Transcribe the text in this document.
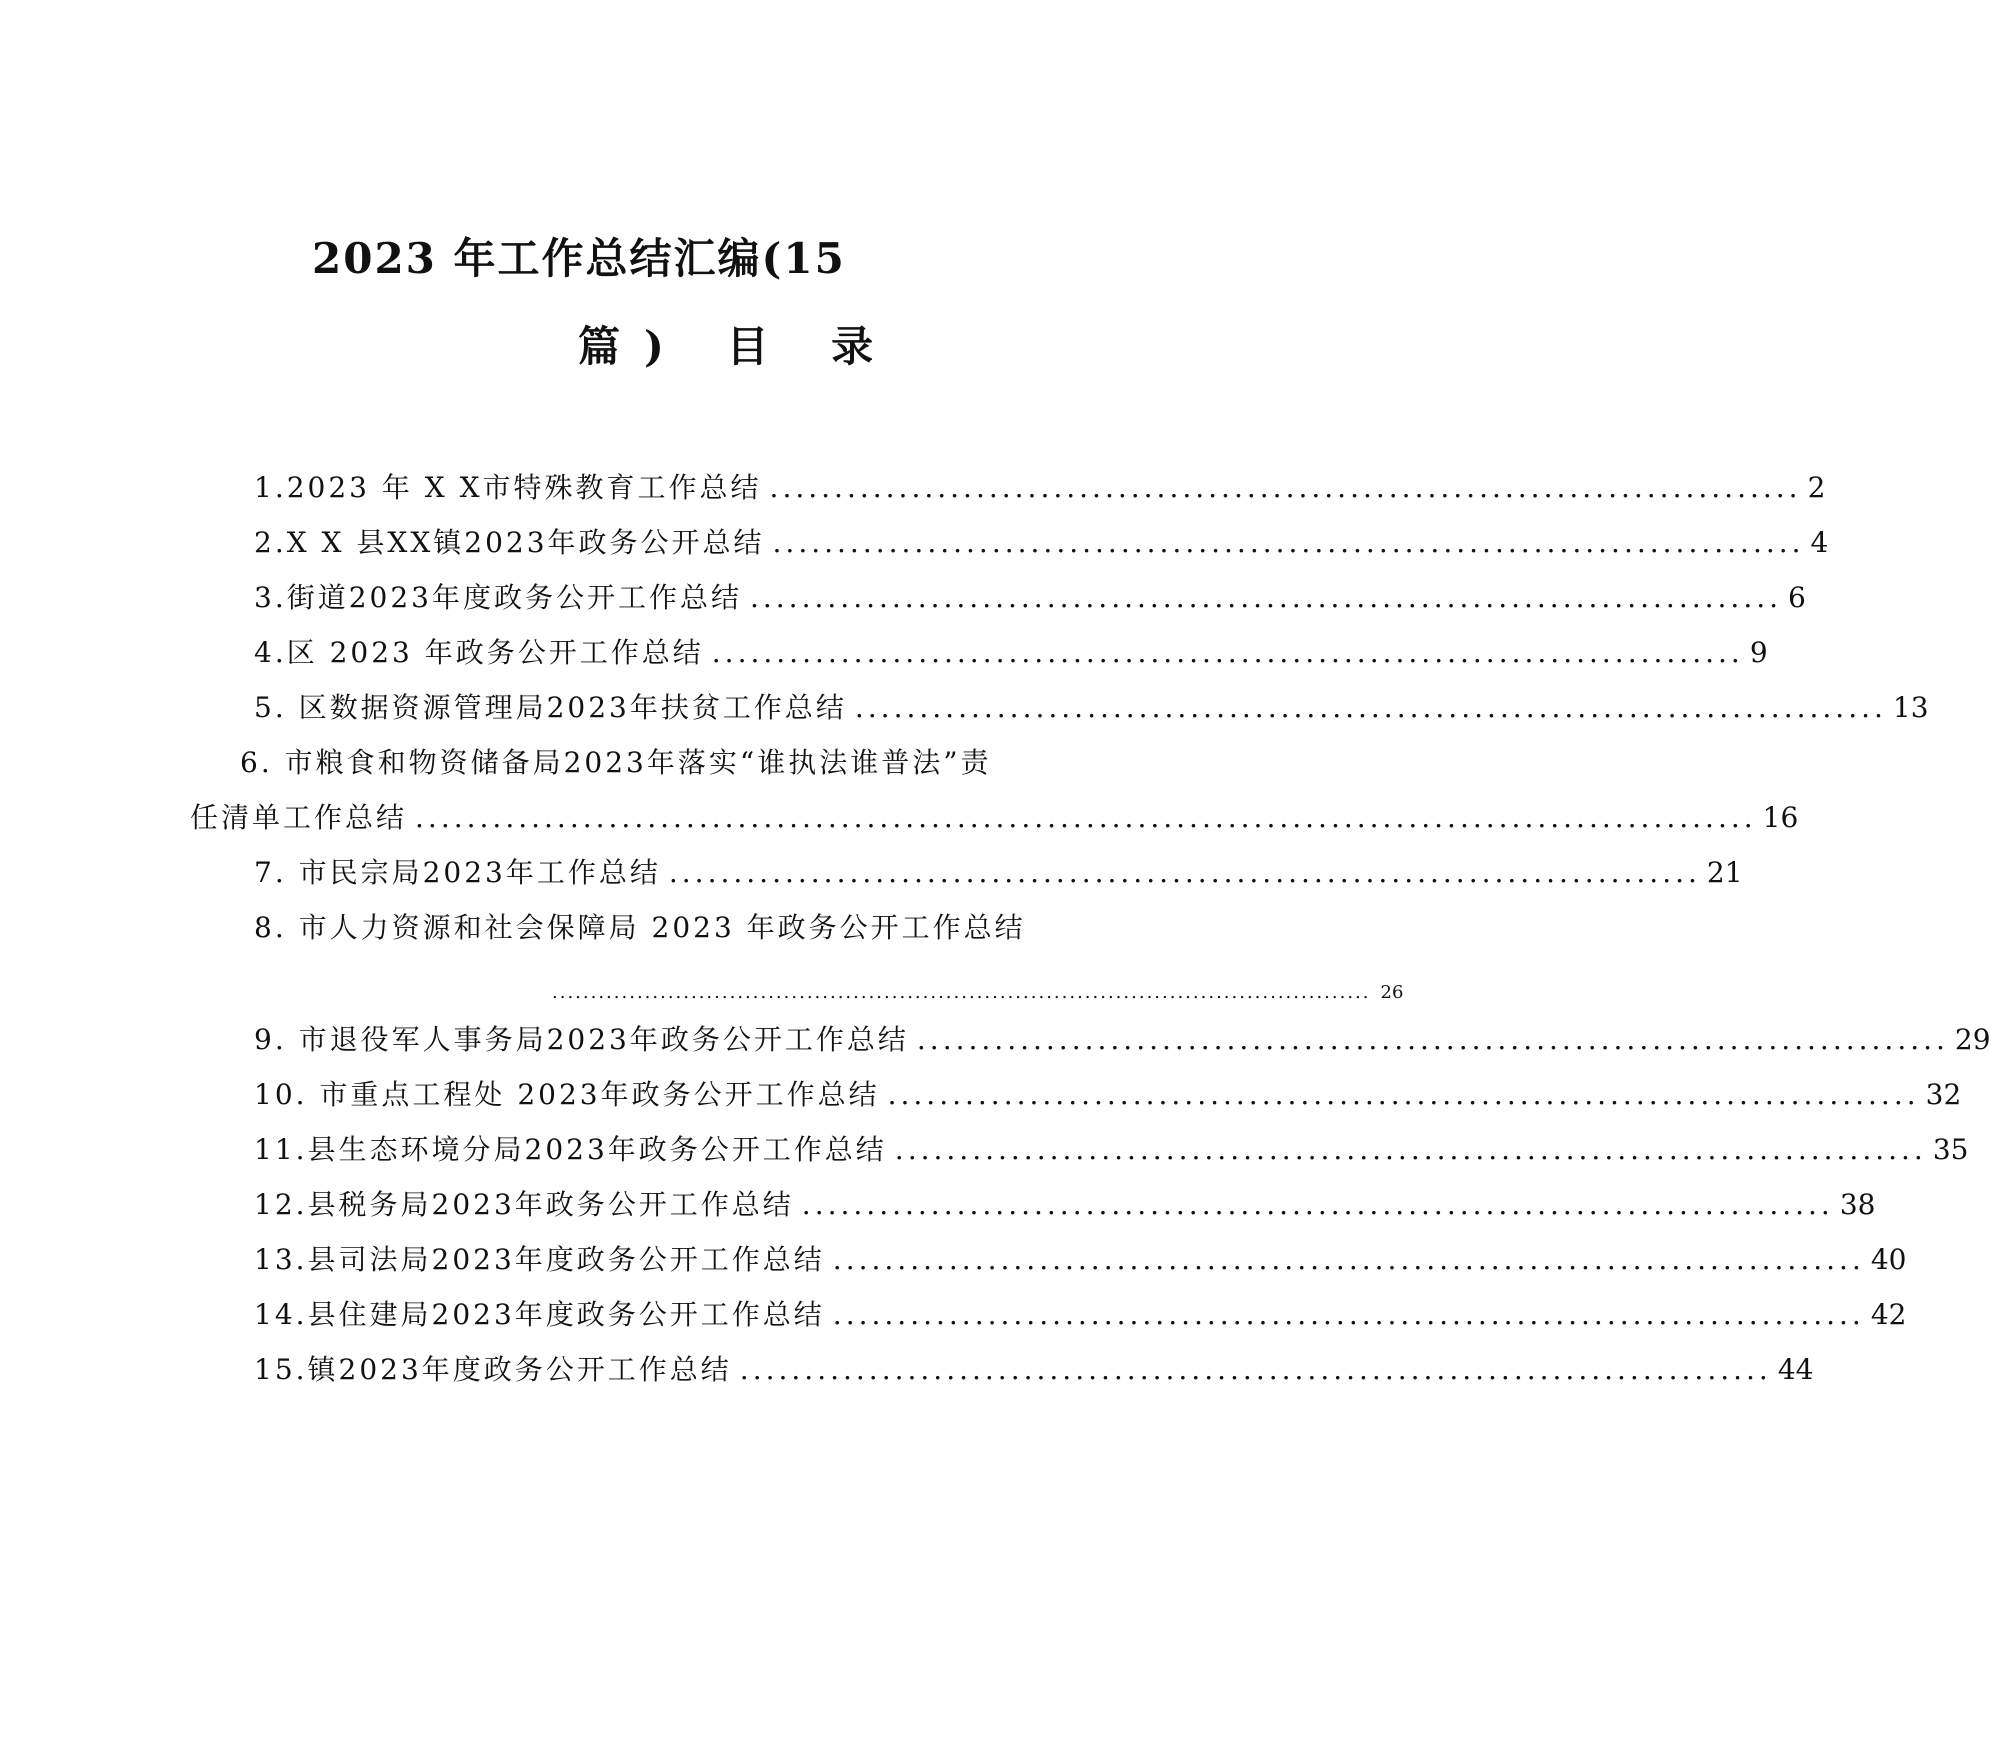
2023 年工作总结汇编(15
篇) 目 录
1.2023 年 X X市特殊教育工作总结 ................................................................................ 2
2.X X 县XX镇2023年政务公开总结 ................................................................................ 4
3.街道2023年度政务公开工作总结 ................................................................................ 6
4.区 2023 年政务公开工作总结 ................................................................................ 9
5. 区数据资源管理局2023年扶贫工作总结 ................................................................................ 13
6. 市粮食和物资储备局2023年落实“谁执法谁普法”责
任清单工作总结 ........................................................................................................ 16
7. 市民宗局2023年工作总结 ................................................................................ 21
8. 市人力资源和社会保障局 2023 年政务公开工作总结
.......................................................................................................... 26
9. 市退役军人事务局2023年政务公开工作总结 ................................................................................ 29
10. 市重点工程处 2023年政务公开工作总结 ................................................................................ 32
11.县生态环境分局2023年政务公开工作总结 ................................................................................ 35
12.县税务局2023年政务公开工作总结 ................................................................................ 38
13.县司法局2023年度政务公开工作总结 ................................................................................ 40
14.县住建局2023年度政务公开工作总结 ................................................................................ 42
15.镇2023年度政务公开工作总结 ................................................................................ 44
